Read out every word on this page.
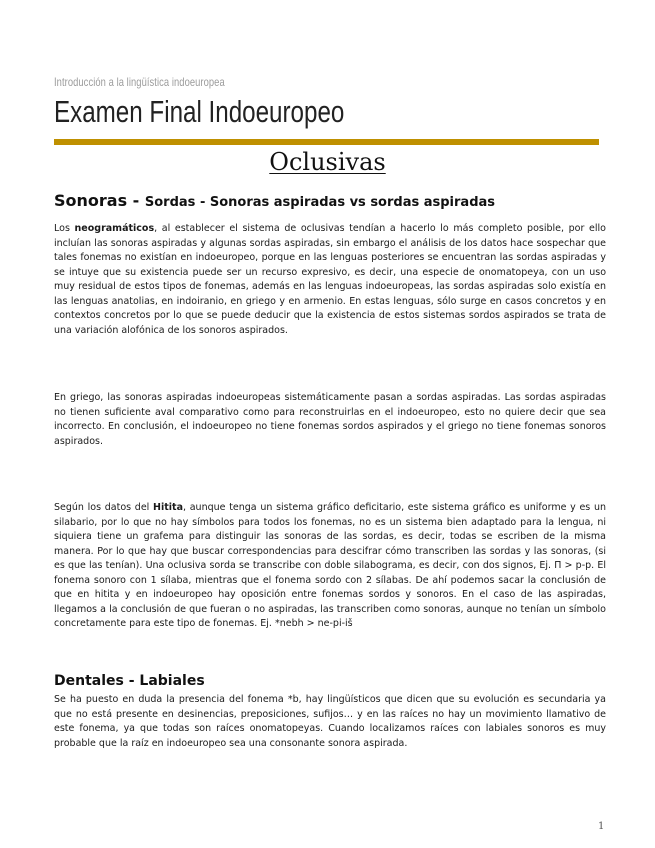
Introducción a la lingüística indoeuropea
Examen Final Indoeuropeo
Oclusivas
Sonoras - Sordas - Sonoras aspiradas vs sordas aspiradas

Los neogramáticos, al establecer el sistema de oclusivas tendían a hacerlo lo más completo posible, por ello incluían las sonoras aspiradas y algunas sordas aspiradas, sin embargo el análisis de los datos hace sospechar que tales fonemas no existían en indoeuropeo, porque en las lenguas posteriores se encuentran las sordas aspiradas y se intuye que su existencia puede ser un recurso expresivo, es decir, una especie de onomatopeya, con un uso muy residual de estos tipos de fonemas, además en las lenguas indoeuropeas, las sordas aspiradas solo existía en las lenguas anatolias, en indoiranio, en griego y en armenio. En estas lenguas, sólo surge en casos concretos y en contextos concretos por lo que se puede deducir que la existencia de estos sistemas sordos aspirados se trata de una variación alofónica de los sonoros aspirados.

En griego, las sonoras aspiradas indoeuropeas sistemáticamente pasan a sordas aspiradas. Las sordas aspiradas no tienen suficiente aval comparativo como para reconstruirlas en el indoeuropeo, esto no quiere decir que sea incorrecto. En conclusión, el indoeuropeo no tiene fonemas sordos aspirados y el griego no tiene fonemas sonoros aspirados.

Según los datos del Hitita, aunque tenga un sistema gráfico deficitario, este sistema gráfico es uniforme y es un silabario, por lo que no hay símbolos para todos los fonemas, no es un sistema bien adaptado para la lengua, ni siquiera tiene un grafema para distinguir las sonoras de las sordas, es decir, todas se escriben de la misma manera. Por lo que hay que buscar correspondencias para descifrar cómo transcriben las sordas y las sonoras, (si es que las tenían). Una oclusiva sorda se transcribe con doble silabograma, es decir, con dos signos, Ej. Π > p-p. El fonema sonoro con 1 sílaba, mientras que el fonema sordo con 2 sílabas. De ahí podemos sacar la conclusión de que en hitita y en indoeuropeo hay oposición entre fonemas sordos y sonoros. En el caso de las aspiradas, llegamos a la conclusión de que fueran o no aspiradas, las transcriben como sonoras, aunque no tenían un símbolo concretamente para este tipo de fonemas. Ej. *nebh > ne-pi-iš

Dentales - Labiales

Se ha puesto en duda la presencia del fonema *b, hay lingüísticos que dicen que su evolución es secundaria ya que no está presente en desinencias, preposiciones, sufijos… y en las raíces no hay un movimiento llamativo de este fonema, ya que todas son raíces onomatopeyas. Cuando localizamos raíces con labiales sonoros es muy probable que la raíz en indoeuropeo sea una consonante sonora aspirada.

1
